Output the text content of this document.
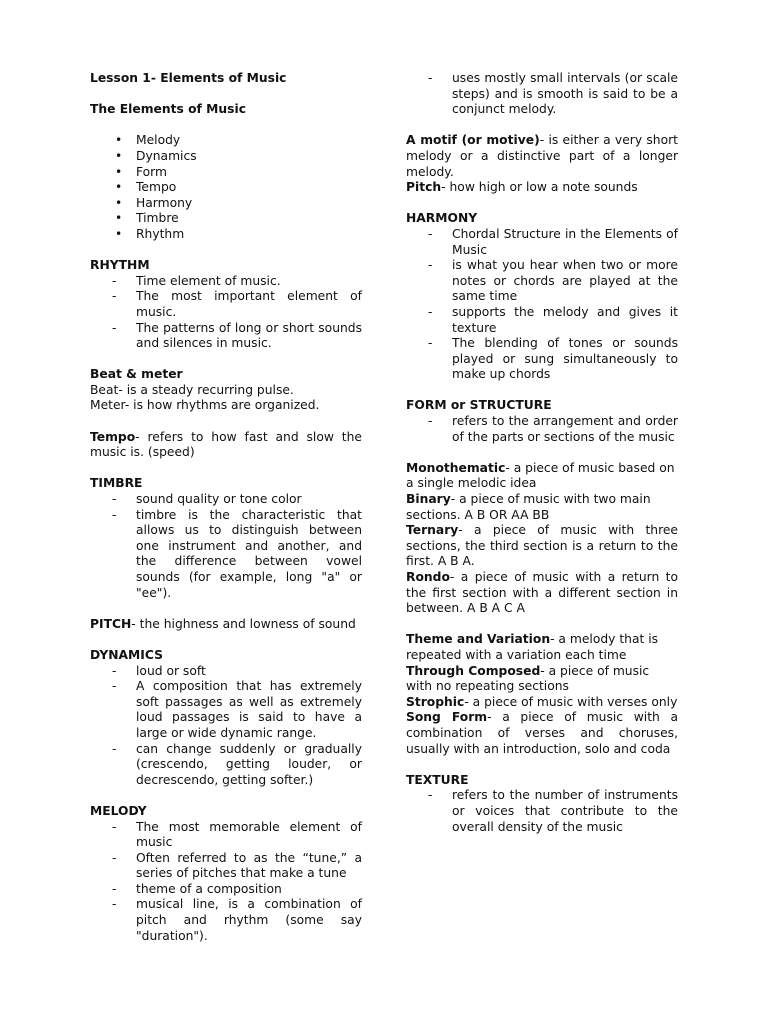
Lesson 1- Elements of Music

The Elements of Music

• Melody
• Dynamics
• Form
• Tempo
• Harmony
• Timbre
• Rhythm

RHYTHM

- Time element of music.
- The most important element of music.
- The patterns of long or short sounds and silences in music.

Beat & meter

Beat- is a steady recurring pulse.

Meter- is how rhythms are organized.

Tempo- refers to how fast and slow the music is. (speed)

TIMBRE

- sound quality or tone color
- timbre is the characteristic that allows us to distinguish between one instrument and another, and the difference between vowel sounds (for example, long "a" or "ee").

PITCH- the highness and lowness of sound

DYNAMICS

- loud or soft
- A composition that has extremely soft passages as well as extremely loud passages is said to have a large or wide dynamic range.
- can change suddenly or gradually (crescendo, getting louder, or decrescendo, getting softer.)

MELODY

- The most memorable element of music
- Often referred to as the “tune,” a series of pitches that make a tune
- theme of a composition
- musical line, is a combination of pitch and rhythm (some say "duration").
- uses mostly small intervals (or scale steps) and is smooth is said to be a conjunct melody.

A motif (or motive)- is either a very short melody or a distinctive part of a longer melody.

Pitch- how high or low a note sounds

HARMONY

- Chordal Structure in the Elements of Music
- is what you hear when two or more notes or chords are played at the same time
- supports the melody and gives it texture
- The blending of tones or sounds played or sung simultaneously to make up chords

FORM or STRUCTURE

- refers to the arrangement and order of the parts or sections of the music

Monothematic- a piece of music based on a single melodic idea

Binary- a piece of music with two main sections. A B OR AA BB

Ternary- a piece of music with three sections, the third section is a return to the first. A B A.

Rondo- a piece of music with a return to the first section with a different section in between. A B A C A

Theme and Variation- a melody that is repeated with a variation each time

Through Composed- a piece of music with no repeating sections

Strophic- a piece of music with verses only

Song Form- a piece of music with a combination of verses and choruses, usually with an introduction, solo and coda

TEXTURE

- refers to the number of instruments or voices that contribute to the overall density of the music
